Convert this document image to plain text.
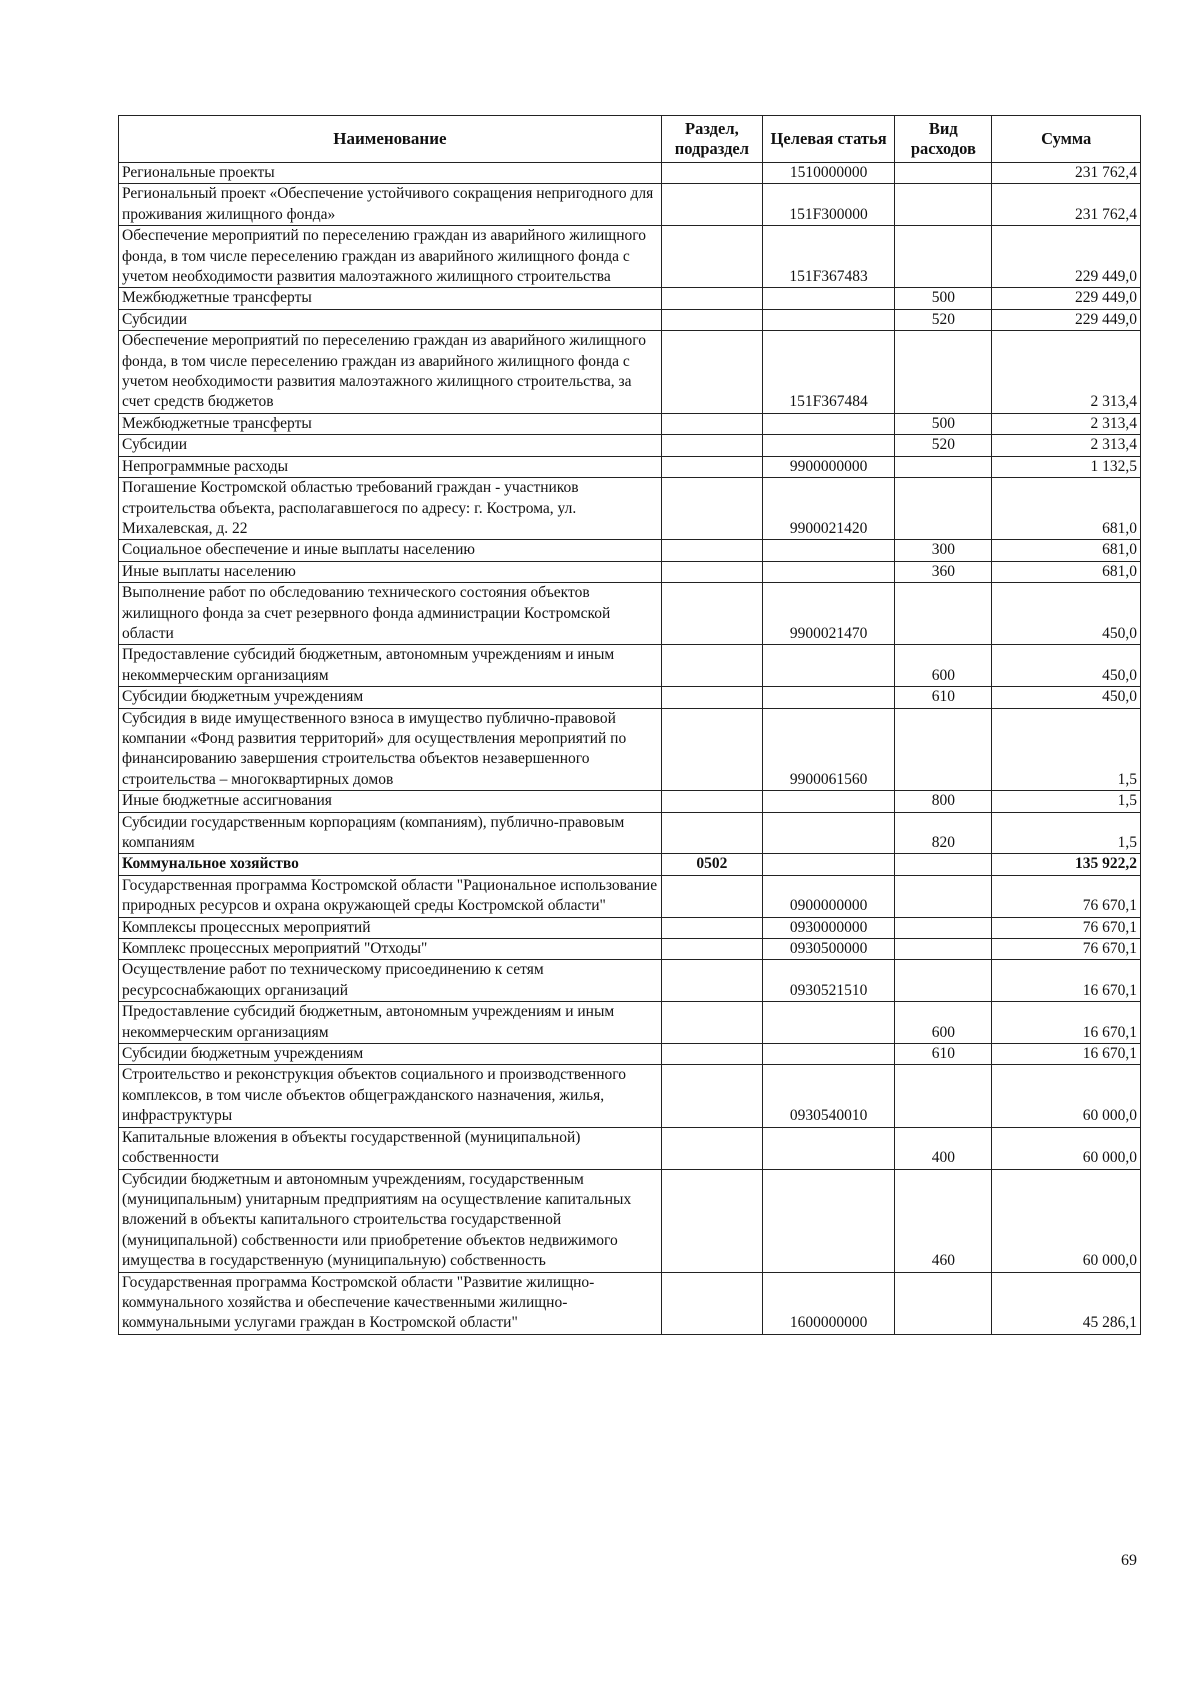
Наименование	Раздел, подраздел	Целевая статья	Вид расходов	Сумма
Региональные проекты		1510000000		231 762,4
Региональный проект «Обеспечение устойчивого сокращения непригодного для проживания жилищного фонда»		151F300000		231 762,4
Обеспечение мероприятий по переселению граждан из аварийного жилищного фонда, в том числе переселению граждан из аварийного жилищного фонда с учетом необходимости развития малоэтажного жилищного строительства		151F367483		229 449,0
Межбюджетные трансферты			500	229 449,0
Субсидии			520	229 449,0
Обеспечение мероприятий по переселению граждан из аварийного жилищного фонда, в том числе переселению граждан из аварийного жилищного фонда с учетом необходимости развития малоэтажного жилищного строительства, за счет средств бюджетов		151F367484		2 313,4
Межбюджетные трансферты			500	2 313,4
Субсидии			520	2 313,4
Непрограммные расходы		9900000000		1 132,5
Погашение Костромской областью требований граждан - участников строительства объекта, располагавшегося по адресу: г. Кострома, ул. Михалевская, д. 22		9900021420		681,0
Социальное обеспечение и иные выплаты населению			300	681,0
Иные выплаты населению			360	681,0
Выполнение работ по обследованию технического состояния объектов жилищного фонда за счет резервного фонда администрации Костромской области		9900021470		450,0
Предоставление субсидий бюджетным, автономным учреждениям и иным некоммерческим организациям			600	450,0
Субсидии бюджетным учреждениям			610	450,0
Субсидия в виде имущественного взноса в имущество публично-правовой компании «Фонд развития территорий» для осуществления мероприятий по финансированию завершения строительства объектов незавершенного строительства – многоквартирных домов		9900061560		1,5
Иные бюджетные ассигнования			800	1,5
Субсидии государственным корпорациям (компаниям), публично-правовым компаниям			820	1,5
Коммунальное хозяйство	0502			135 922,2
Государственная программа Костромской области "Рациональное использование природных ресурсов и охрана окружающей среды Костромской области"		0900000000		76 670,1
Комплексы процессных мероприятий		0930000000		76 670,1
Комплекс процессных мероприятий "Отходы"		0930500000		76 670,1
Осуществление работ по техническому присоединению к сетям ресурсоснабжающих организаций		0930521510		16 670,1
Предоставление субсидий бюджетным, автономным учреждениям и иным некоммерческим организациям			600	16 670,1
Субсидии бюджетным учреждениям			610	16 670,1
Строительство и реконструкция объектов социального и производственного комплексов, в том числе объектов общегражданского назначения, жилья, инфраструктуры		0930540010		60 000,0
Капитальные вложения в объекты государственной (муниципальной) собственности			400	60 000,0
Субсидии бюджетным и автономным учреждениям, государственным (муниципальным) унитарным предприятиям на осуществление капитальных вложений в объекты капитального строительства государственной (муниципальной) собственности или приобретение объектов недвижимого имущества в государственную (муниципальную) собственность			460	60 000,0
Государственная программа Костромской области "Развитие жилищно-коммунального хозяйства и обеспечение качественными жилищно-коммунальными услугами граждан в Костромской области"		1600000000		45 286,1
69
